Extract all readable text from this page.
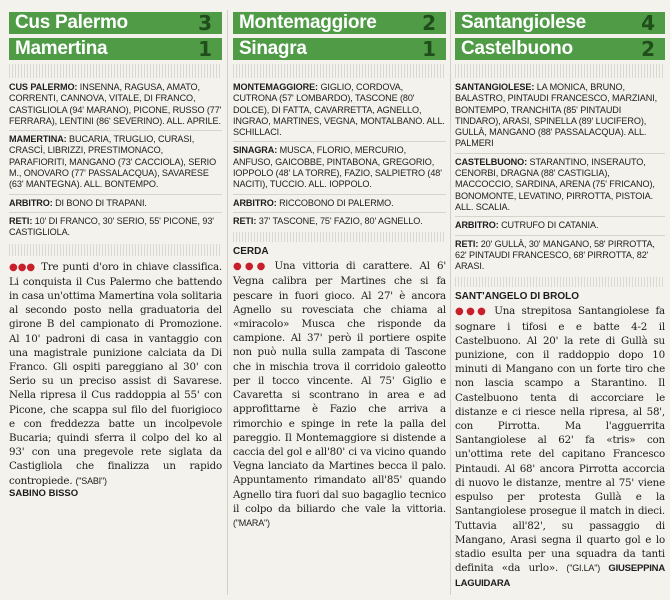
Cus Palermo	3
Mamertina	1

CUS PALERMO: INSENNA, RAGUSA, AMATO, CORRENTI, CANNOVA, VITALE, DI FRANCO, CASTIGLIOLA (94' MARANO), PICONE, RUSSO (77' FERRARA), LENTINI (86' SEVERINO). ALL. APRILE.

MAMERTINA: BUCARIA, TRUGLIO, CURASI, CRASCÌ, LIBRIZZI, PRESTIMONACO, PARAFIORITI, MANGANO (73' CACCIOLA), SERIO M., ONOVARO (77' PASSALACQUA), SAVARESE (63' MANTEGNA). ALL. BONTEMPO.

ARBITRO: DI BONO DI TRAPANI.

RETI: 10' DI FRANCO, 30' SERIO, 55' PICONE, 93' CASTIGLIOLA.

●●● Tre punti d'oro in chiave classifica. Li conquista il Cus Palermo che battendo in casa un'ottima Mamertina vola solitaria al secondo posto nella graduatoria del girone B del campionato di Promozione. Al 10' padroni di casa in vantaggio con una magistrale punizione calciata da Di Franco. Gli ospiti pareggiano al 30' con Serio su un preciso assist di Savarese. Nella ripresa il Cus raddoppia al 55' con Picone, che scappa sul filo del fuorigioco e con freddezza batte un incolpevole Bucaria; quindi sferra il colpo del ko al 93' con una pregevole rete siglata da Castigliola che finalizza un rapido contropiede. ("SABI")

SABINO BISSO
Montemaggiore 2
Sinagra	1

MONTEMAGGIORE: GIGLIO, CORDOVA, CUTRONA (57' LOMBARDO), TASCONE (80' DOLCE), DI FATTA, CAVARRETTA, AGNELLO, INGRAO, MARTINES, VEGNA, MONTALBANO. ALL. SCHILLACI.

SINAGRA: MUSCA, FLORIO, MERCURIO, ANFUSO, GAICOBBE, PINTABONA, GREGORIO, IOPPOLO (48' LA TORRE), FAZIO, SALPIETRO (48' NACITI), TUCCIO. ALL. IOPPOLO.

ARBITRO: RICCOBONO DI PALERMO.

RETI: 37' TASCONE, 75' FAZIO, 80' AGNELLO.

CERDA

●●● Una vittoria di carattere. Al 6' Vegna calibra per Martines che si fa pescare in fuori gioco. Al 27' è ancora Agnello su rovesciata che chiama al «miracolo» Musca che risponde da campione. Al 37' però il portiere ospite non può nulla sulla zampata di Tascone che in mischia trova il corridoio galeotto per il tocco vincente. Al 75' Giglio e Cavaretta si scontrano in area e ad approfittarne è Fazio che arriva a rimorchio e spinge in rete la palla del pareggio. Il Montemaggiore si distende a caccia del gol e all'80' ci va vicino quando Vegna lanciato da Martines becca il palo. Appuntamento rimandato all'85' quando Agnello tira fuori dal suo bagaglio tecnico il colpo da biliardo che vale la vittoria. ("MARA")

Santangiolese	4
Castelbuono	2

SANTANGIOLESE: LA MONICA, BRUNO, BALASTRO, PINTAUDI FRANCESCO, MARZIANI, BONTEMPO, TRANCHITA (85' PINTAUDI TINDARO), ARASI, SPINELLA (89' LUCIFERO), GULLÀ, MANGANO (88' PASSALACQUA). ALL. PALMERI

CASTELBUONO: STARANTINO, INSERAUTO, CENORBI, DRAGNA (88' CASTIGLIA), MACCOCCIO, SARDINA, ARENA (75' FRICANO), BONOMONTE, LEVATINO, PIRROTTA, PISTOIA. ALL. SCALIA.

ARBITRO: CUTRUFO DI CATANIA.

RETI: 20' GULLÀ, 30' MANGANO, 58' PIRROTTA, 62' PINTAUDI FRANCESCO, 68' PIRROTTA, 82' ARASI.

SANT'ANGELO DI BROLO

●●● Una strepitosa Santangiolese fa sognare i tifosi e e batte 4-2 il Castelbuono. Al 20' la rete di Gullà su punizione, con il raddoppio dopo 10 minuti di Mangano con un forte tiro che non lascia scampo a Starantino. Il Castelbuono tenta di accorciare le distanze e ci riesce nella ripresa, al 58', con Pirrotta. Ma l'agguerrita Santangiolese al 62' fa «tris» con un'ottima rete del capitano Francesco Pintaudi. Al 68' ancora Pirrotta accorcia di nuovo le distanze, mentre al 75' viene espulso per protesta Gullà e la Santangiolese prosegue il match in dieci. Tuttavia all'82', su passaggio di Mangano, Arasi segna il quarto gol e lo stadio esulta per una squadra da tanti definita «da urlo». ("GI.LA") GIUSEPPINA LAGUIDARA
